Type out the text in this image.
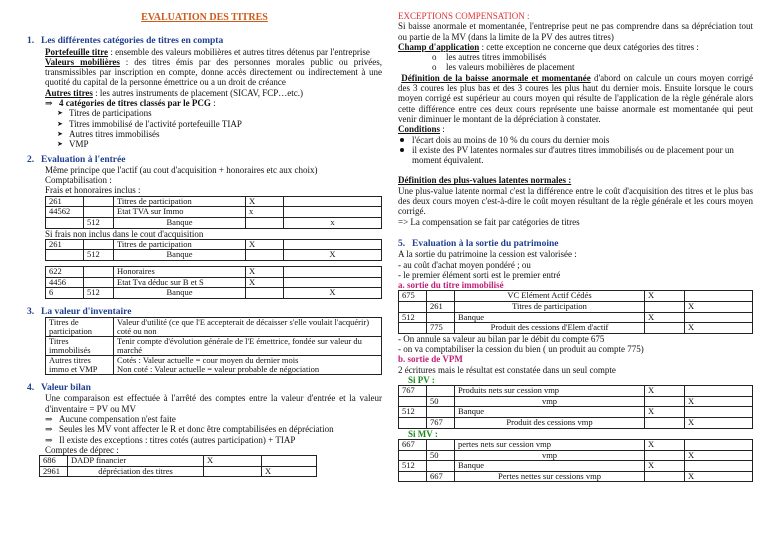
EVALUATION DES TITRES
1. Les différentes catégories de titres en compta
Portefeuille titre : ensemble des valeurs mobilières et autres titres détenus par l'entreprise
Valeurs mobilières : des titres émis par des personnes morales public ou privées, transmissibles par inscription en compte, donne accès directement ou indirectement à une quotité du capital de la personne émettrice ou a un droit de créance
Autres titres : les autres instruments de placement (SICAV, FCP…etc.)
⇒ 4 catégories de titres classés par le PCG :
➤ Titres de participations
➤ Titres immobilisé de l'activité portefeuille TIAP
➤ Autres titres immobilisés
➤ VMP
2. Evaluation à l'entrée
Même principe que l'actif (au cout d'acquisition + honoraires etc aux choix)
Comptabilisation :
Frais et honoraires inclus :
261		Titres de participation	X	
44562		Etat TVA sur Immo	x	
	512	Banque		x
Si frais non inclus dans le cout d'acquisition
261		Titres de participation	X	
	512	Banque		X
622		Honoraires	X	
4456		Etat Tva déduc sur B et S	X	
6	512	Banque		X
3. La valeur d'inventaire
Titres de participation	Valeur d'utilité (ce que l'E accepterait de décaisser s'elle voulait l'acquérir) coté ou non
Titres immobilisés	Tenir compte d'évolution générale de l'E émettrice, fondée sur valeur du marché
Autres titres immo et VMP	Cotés : Valeur actuelle = cour moyen du dernier mois
Non coté : Valeur actuelle = valeur probable de négociation
4. Valeur bilan
Une comparaison est effectuée à l'arrêté des comptes entre la valeur d'entrée et la valeur d'inventaire = PV ou MV
⇒ Aucune compensation n'est faite
⇒ Seules les MV vont affecter le R et donc être comptabilisées en dépréciation
⇒ Il existe des exceptions : titres cotés (autres participation) + TIAP
Comptes de déprec :
686	DADP financier	X	
2961	dépréciation des titres		X
EXCEPTIONS COMPENSATION :
Si baisse anormale et momentanée, l'entreprise peut ne pas comprendre dans sa dépréciation tout ou partie de la MV (dans la limite de la PV des autres titres)
Champ d'application : cette exception ne concerne que deux catégories des titres :
o les autres titres immobilisés
o les valeurs mobilières de placement
Définition de la baisse anormale et momentanée d'abord on calcule un cours moyen corrigé des 3 coures les plus bas et des 3 coures les plus haut du dernier mois. Ensuite lorsque le cours moyen corrigé est supérieur au cours moyen qui résulte de l'application de la règle générale alors cette différence entre ces deux cours représente une baisse anormale est momentanée qui peut venir diminuer le montant de la dépréciation à constater.
Conditions :
l'écart dois au moins de 10 % du cours du dernier mois
il existe des PV latentes normales sur d'autres titres immobilisés ou de placement pour un moment équivalent.
Définition des plus-values latentes normales :
Une plus-value latente normal c'est la différence entre le coût d'acquisition des titres et le plus bas des deux cours moyen c'est-à-dire le coût moyen résultant de la règle générale et les cours moyen corrigé.
=> La compensation se fait par catégories de titres
5. Evaluation à la sortie du patrimoine
A la sortie du patrimoine la cession est valorisée :
- au coût d'achat moyen pondéré ; ou
- le premier élément sorti est le premier entré
a. sortie du titre immobilisé
675		VC Elément Actif Cédés	X	
	261	Titres de participation		X
512		Banque	X	
	775	Produit des cessions d'Elem d'actif		X
- On annule sa valeur au bilan par le débit du compte 675
- on va comptabiliser la cession du bien ( un produit au compte 775)
b. sortie de VPM
2 écritures mais le résultat est constatée dans un seul compte
Si PV :
767		Produits nets sur cession vmp	X	
	50	vmp		X
512		Banque	X	
	767	Produit des cessions vmp		X
Si MV :
667		pertes nets sur cession vmp	X	
	50	vmp		X
512		Banque	X	
	667	Pertes nettes sur cessions vmp		X
